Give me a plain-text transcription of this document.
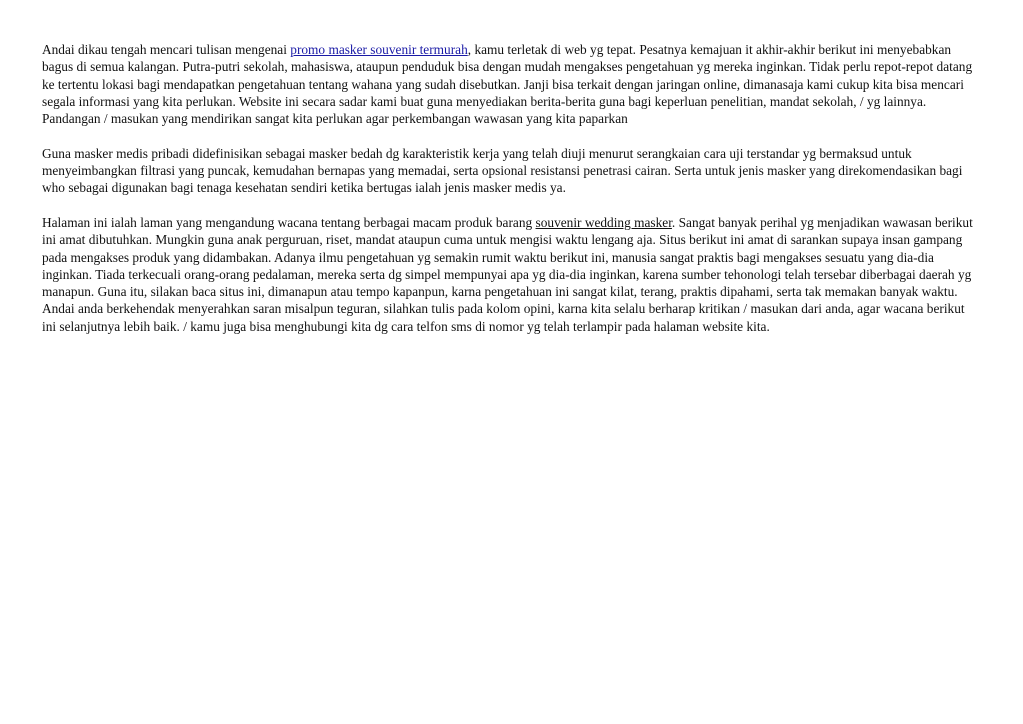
Andai dikau tengah mencari tulisan mengenai promo masker souvenir termurah, kamu terletak di web yg tepat. Pesatnya kemajuan it akhir-akhir berikut ini menyebabkan bagus di semua kalangan. Putra-putri sekolah, mahasiswa, ataupun penduduk bisa dengan mudah mengakses pengetahuan yg mereka inginkan. Tidak perlu repot-repot datang ke tertentu lokasi bagi mendapatkan pengetahuan tentang wahana yang sudah disebutkan. Janji bisa terkait dengan jaringan online, dimanasaja kami cukup kita bisa mencari segala informasi yang kita perlukan. Website ini secara sadar kami buat guna menyediakan berita-berita guna bagi keperluan penelitian, mandat sekolah, / yg lainnya. Pandangan / masukan yang mendirikan sangat kita perlukan agar perkembangan wawasan yang kita paparkan

Guna masker medis pribadi didefinisikan sebagai masker bedah dg karakteristik kerja yang telah diuji menurut serangkaian cara uji terstandar yg bermaksud untuk menyeimbangkan filtrasi yang puncak, kemudahan bernapas yang memadai, serta opsional resistansi penetrasi cairan. Serta untuk jenis masker yang direkomendasikan bagi who sebagai digunakan bagi tenaga kesehatan sendiri ketika bertugas ialah jenis masker medis ya.

Halaman ini ialah laman yang mengandung wacana tentang berbagai macam produk barang souvenir wedding masker. Sangat banyak perihal yg menjadikan wawasan berikut ini amat dibutuhkan. Mungkin guna anak perguruan, riset, mandat ataupun cuma untuk mengisi waktu lengang aja. Situs berikut ini amat di sarankan supaya insan gampang pada mengakses produk yang didambakan. Adanya ilmu pengetahuan yg semakin rumit waktu berikut ini, manusia sangat praktis bagi mengakses sesuatu yang dia-dia inginkan. Tiada terkecuali orang-orang pedalaman, mereka serta dg simpel mempunyai apa yg dia-dia inginkan, karena sumber tehonologi telah tersebar diberbagai daerah yg manapun. Guna itu, silakan baca situs ini, dimanapun atau tempo kapanpun, karna pengetahuan ini sangat kilat, terang, praktis dipahami, serta tak memakan banyak waktu. Andai anda berkehendak menyerahkan saran misalpun teguran, silahkan tulis pada kolom opini, karna kita selalu berharap kritikan / masukan dari anda, agar wacana berikut ini selanjutnya lebih baik. / kamu juga bisa menghubungi kita dg cara telfon sms di nomor yg telah terlampir pada halaman website kita.
